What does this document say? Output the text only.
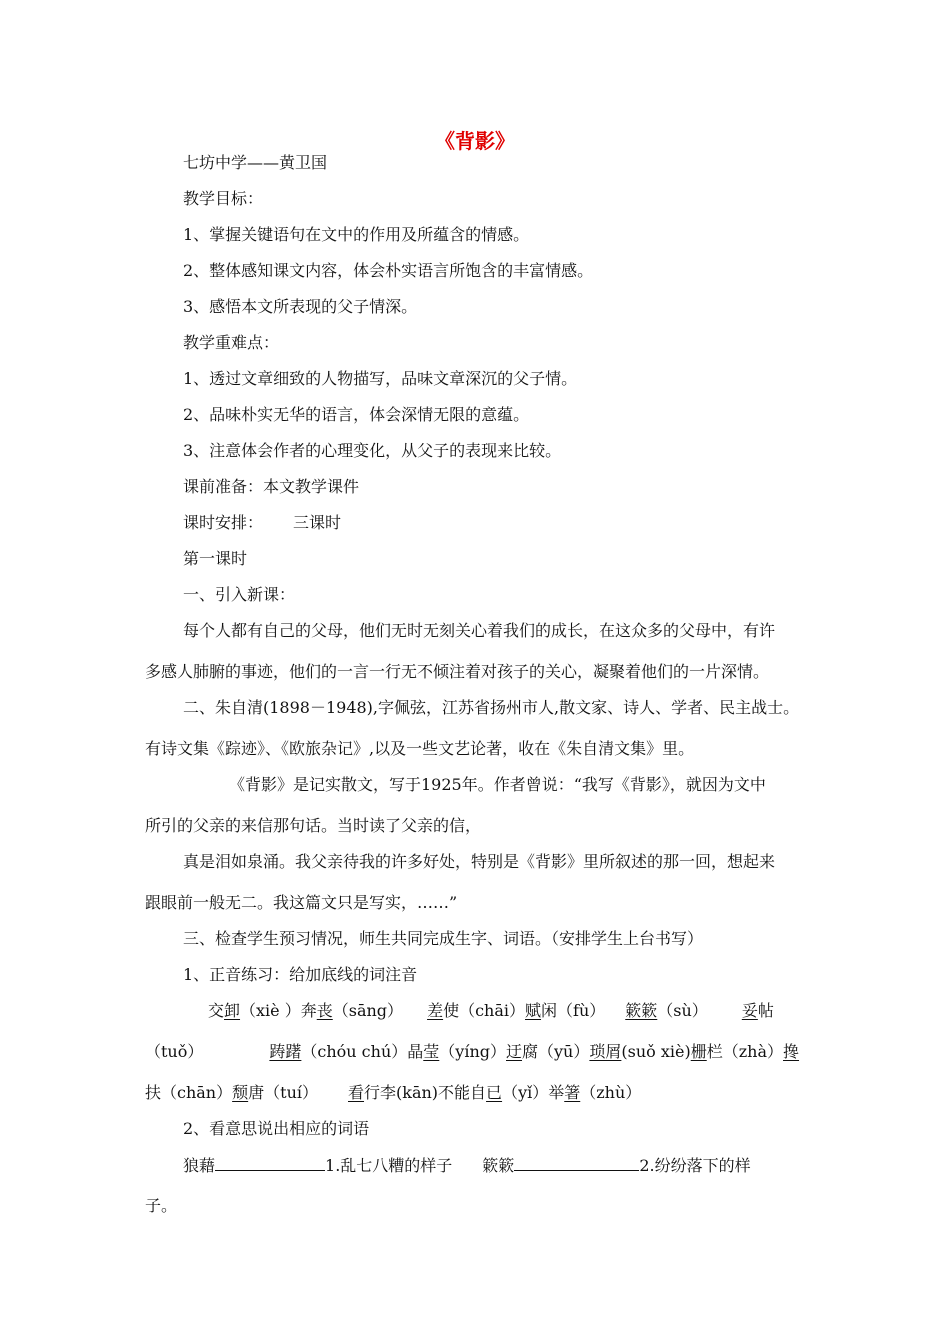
《背影》
七坊中学——黄卫国
教学目标：
1、掌握关键语句在文中的作用及所蕴含的情感。
2、整体感知课文内容，体会朴实语言所饱含的丰富情感。
3、感悟本文所表现的父子情深。
教学重难点：
1、透过文章细致的人物描写，品味文章深沉的父子情。
2、品味朴实无华的语言，体会深情无限的意蕴。
3、注意体会作者的心理变化，从父子的表现来比较。
课前准备：本文教学课件
课时安排： 三课时
第一课时
一、引入新课：
每个人都有自己的父母，他们无时无刻关心着我们的成长，在这众多的父母中，有许
多感人肺腑的事迹，他们的一言一行无不倾注着对孩子的关心，凝聚着他们的一片深情。
二、朱自清(1898－1948),字佩弦，江苏省扬州市人,散文家、诗人、学者、民主战士。
有诗文集《踪迹》、《欧旅杂记》,以及一些文艺论著，收在《朱自清文集》里。
《背影》是记实散文，写于1925年。作者曾说：“我写《背影》，就因为文中
所引的父亲的来信那句话。当时读了父亲的信，
真是泪如泉涌。我父亲待我的许多好处，特别是《背影》里所叙述的那一回，想起来
跟眼前一般无二。我这篇文只是写实，……”
三、检查学生预习情况，师生共同完成生字、词语。（安排学生上台书写）
1、正音练习：给加底线的词注音
交卸（xiè ）奔丧（sāng） 差使（chāi）赋闲（fù） 簌簌（sù） 妥帖
（tuǒ）	踌躇（chóu chú）晶莹（yíng）迂腐（yū）琐屑(suǒ xiè)栅栏（zhà）搀
扶（chān）颓唐（tuí） 看行李(kān)不能自已（yǐ）举箸（zhù）
2、看意思说出相应的词语
狼藉	1.乱七八糟的样子 簌簌	2.纷纷落下的样
子。
